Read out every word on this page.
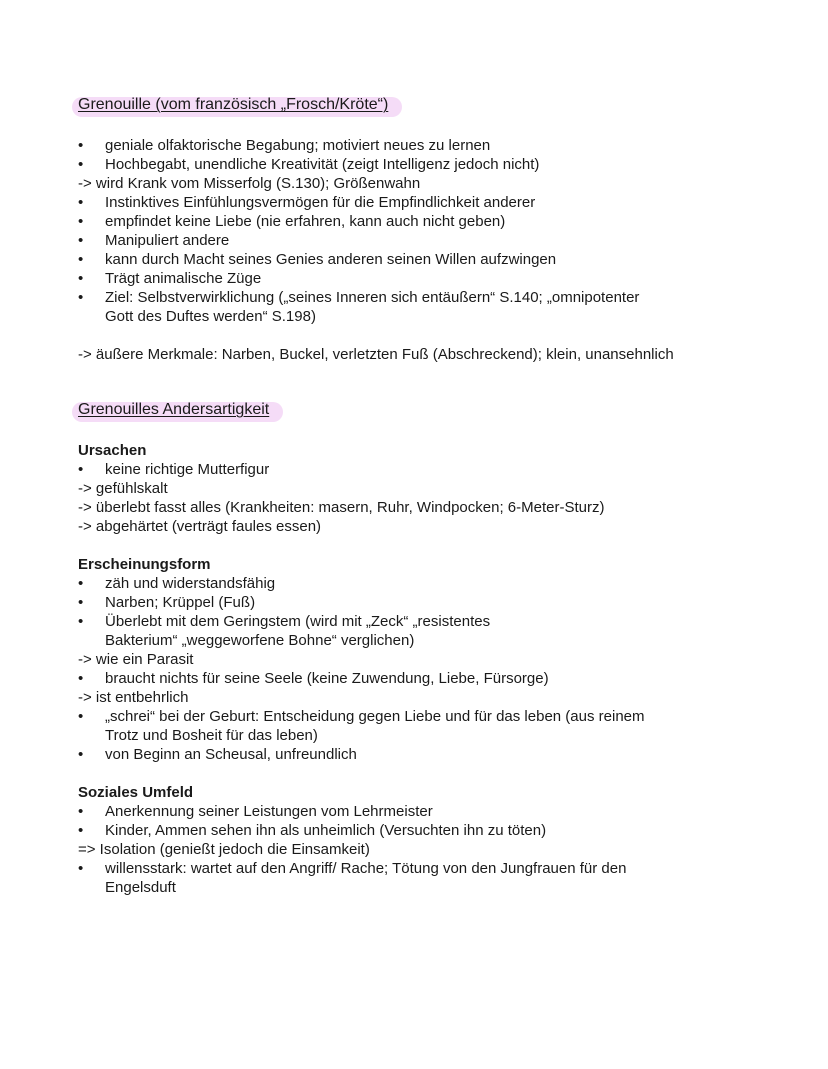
Grenouille (vom französisch „Frosch/Kröte“)
•	geniale olfaktorische Begabung; motiviert neues zu lernen
•	Hochbegabt, unendliche Kreativität (zeigt Intelligenz jedoch nicht)
-> wird Krank vom Misserfolg (S.130); Größenwahn
•	Instinktives Einfühlungsvermögen für die Empfindlichkeit anderer
•	empfindet keine Liebe (nie erfahren, kann auch nicht geben)
•	Manipuliert andere
•	kann durch Macht seines Genies anderen seinen Willen aufzwingen
•	Trägt animalische Züge
•	Ziel: Selbstverwirklichung („seines Inneren sich entäußern“ S.140; „omnipotenter
Gott des Duftes werden“ S.198)
-> äußere Merkmale: Narben, Buckel, verletzten Fuß (Abschreckend); klein, unansehnlich
Grenouilles Andersartigkeit
Ursachen
•	keine richtige Mutterfigur
-> gefühlskalt
-> überlebt fasst alles (Krankheiten: masern, Ruhr, Windpocken; 6-Meter-Sturz)
-> abgehärtet (verträgt faules essen)
Erscheinungsform
•	zäh und widerstandsfähig
•	Narben; Krüppel (Fuß)
•	Überlebt mit dem Geringstem (wird mit „Zeck“ „resistentes
Bakterium“ „weggeworfene Bohne“ verglichen)
-> wie ein Parasit
•	braucht nichts für seine Seele (keine Zuwendung, Liebe, Fürsorge)
-> ist entbehrlich
•	„schrei“ bei der Geburt: Entscheidung gegen Liebe und für das leben (aus reinem
Trotz und Bosheit für das leben)
•	von Beginn an Scheusal, unfreundlich
Soziales Umfeld
•	Anerkennung seiner Leistungen vom Lehrmeister
•	Kinder, Ammen sehen ihn als unheimlich (Versuchten ihn zu töten)
=> Isolation (genießt jedoch die Einsamkeit)
•	willensstark: wartet auf den Angriff/ Rache; Tötung von den Jungfrauen für den
Engelsduft
